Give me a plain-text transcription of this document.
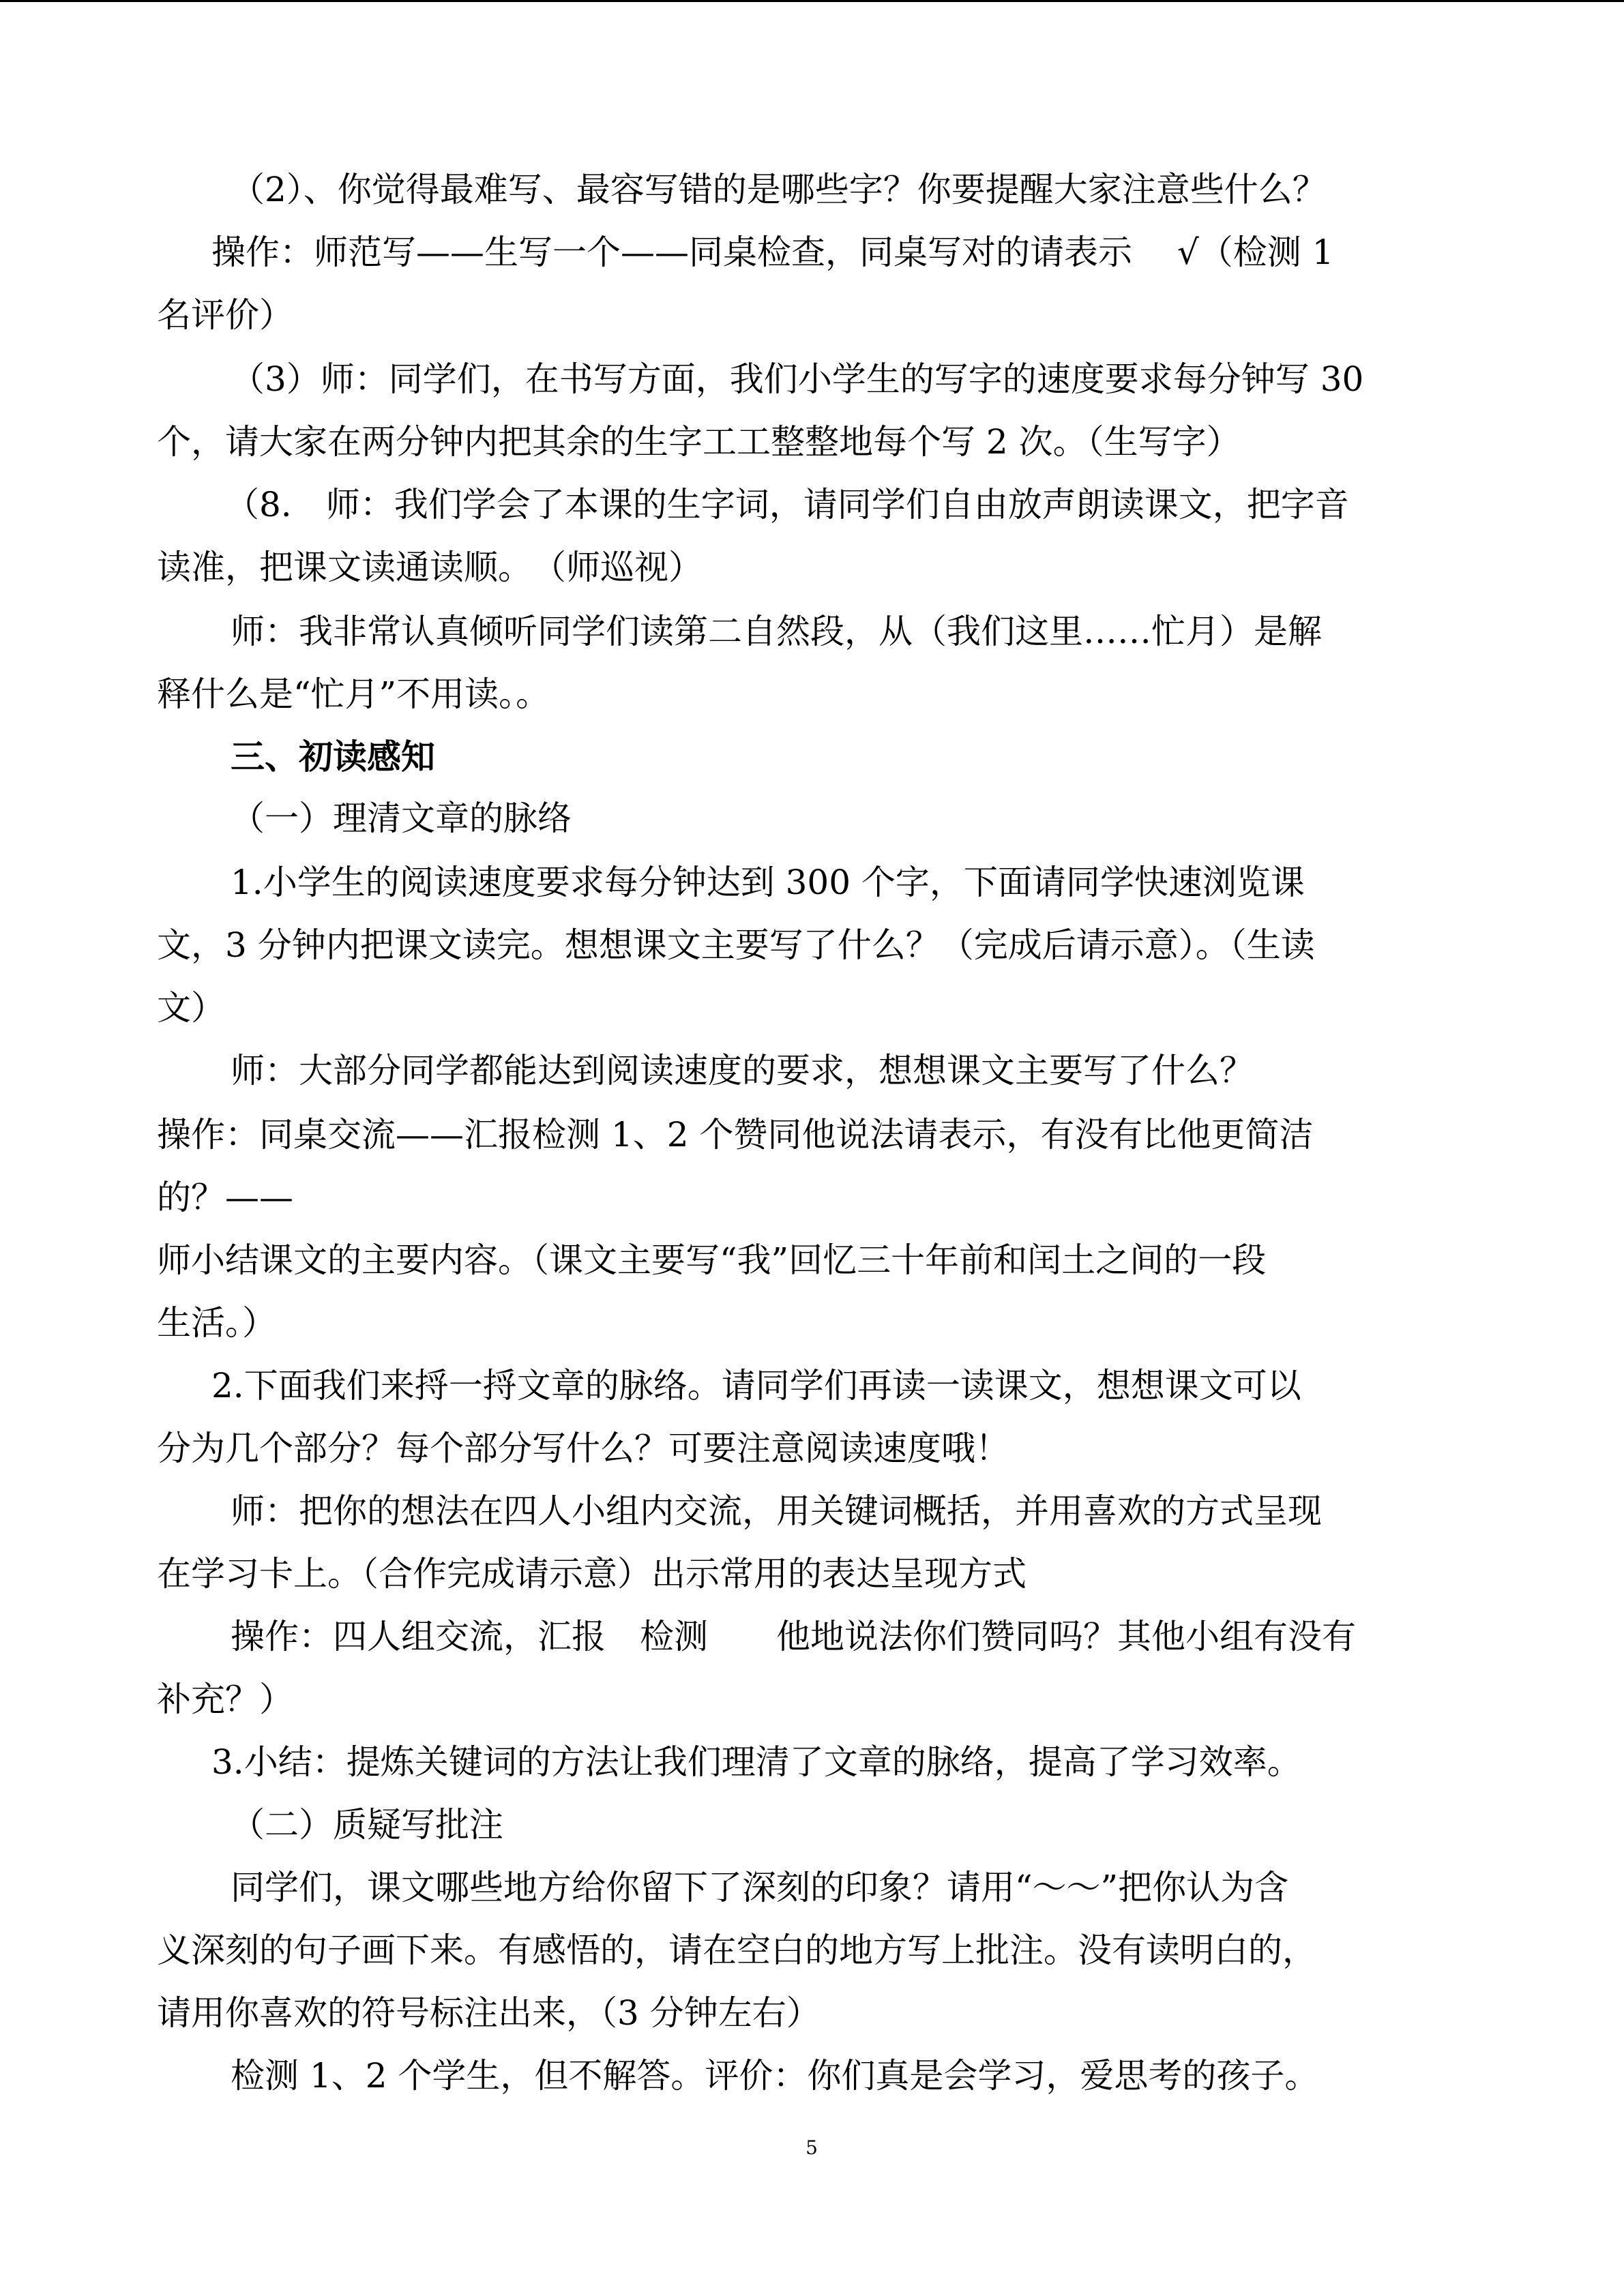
（2）、你觉得最难写、最容写错的是哪些字？你要提醒大家注意些什么？

操作：师范写——生写一个——同桌检查，同桌写对的请表示　 √（检测 1

名评价）

（3）师：同学们，在书写方面，我们小学生的写字的速度要求每分钟写 30

个，请大家在两分钟内把其余的生字工工整整地每个写 2 次。（生写字）

（8.　师：我们学会了本课的生字词，请同学们自由放声朗读课文，把字音

读准，把课文读通读顺。　（师巡视）

师：我非常认真倾听同学们读第二自然段，从（我们这里……忙月）是解

释什么是“忙月”不用读。。

三、初读感知

（一）理清文章的脉络

1.小学生的阅读速度要求每分钟达到 300 个字，下面请同学快速浏览课

文，3 分钟内把课文读完。想想课文主要写了什么？（完成后请示意）。（生读

文）

师：大部分同学都能达到阅读速度的要求，想想课文主要写了什么？

操作：同桌交流——汇报检测 1、2 个赞同他说法请表示，有没有比他更简洁

的？——

师小结课文的主要内容。（课文主要写“我”回忆三十年前和闰土之间的一段

生活。）

2.下面我们来捋一捋文章的脉络。请同学们再读一读课文，想想课文可以

分为几个部分？每个部分写什么？可要注意阅读速度哦！

师：把你的想法在四人小组内交流，用关键词概括，并用喜欢的方式呈现

在学习卡上。（合作完成请示意）出示常用的表达呈现方式

操作：四人组交流，汇报　检测　　他地说法你们赞同吗？其他小组有没有

补充？）

3.小结：提炼关键词的方法让我们理清了文章的脉络，提高了学习效率。

（二）质疑写批注

同学们，课文哪些地方给你留下了深刻的印象？请用“～～”把你认为含

义深刻的句子画下来。有感悟的，请在空白的地方写上批注。没有读明白的，

请用你喜欢的符号标注出来，（3 分钟左右）

检测 1、2 个学生，但不解答。评价：你们真是会学习，爱思考的孩子。

5
